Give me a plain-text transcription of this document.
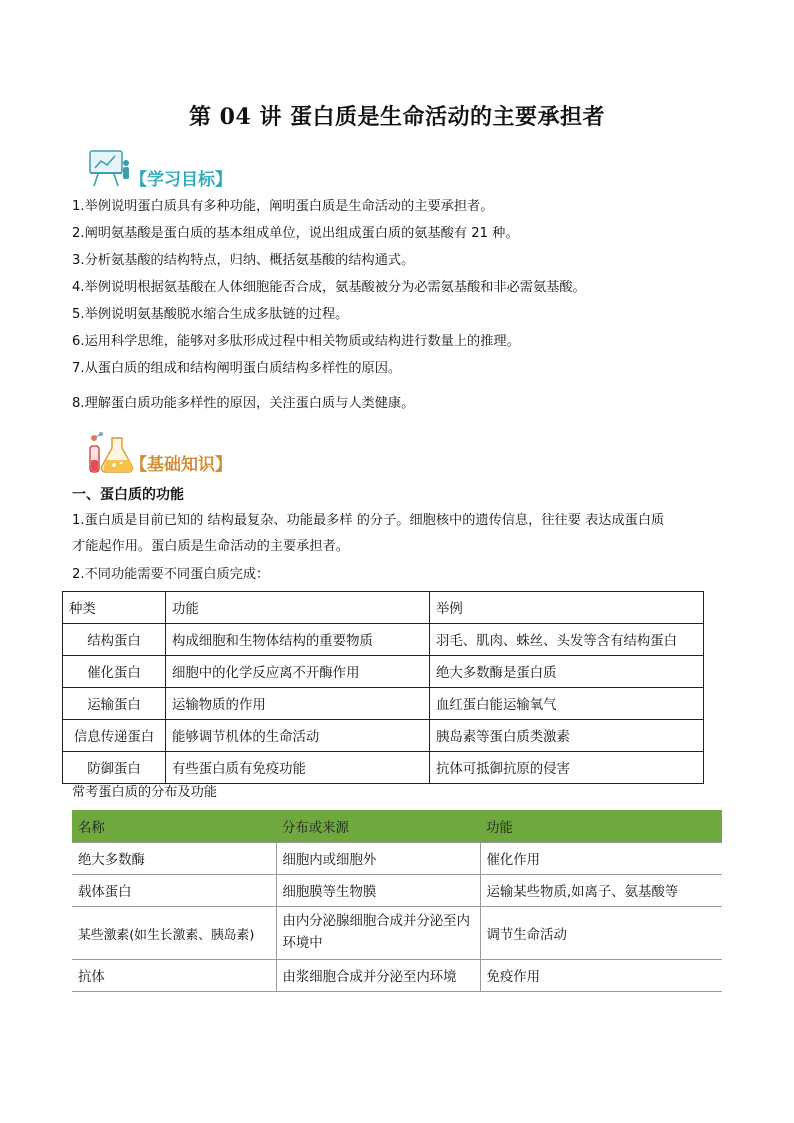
第 04 讲 蛋白质是生命活动的主要承担者
【学习目标】
1.举例说明蛋白质具有多种功能，阐明蛋白质是生命活动的主要承担者。
2.阐明氨基酸是蛋白质的基本组成单位，说出组成蛋白质的氨基酸有 21 种。
3.分析氨基酸的结构特点，归纳、概括氨基酸的结构通式。
4.举例说明根据氨基酸在人体细胞能否合成，氨基酸被分为必需氨基酸和非必需氨基酸。
5.举例说明氨基酸脱水缩合生成多肽链的过程。
6.运用科学思维，能够对多肽形成过程中相关物质或结构进行数量上的推理。
7.从蛋白质的组成和结构阐明蛋白质结构多样性的原因。
8.理解蛋白质功能多样性的原因，关注蛋白质与人类健康。
【基础知识】
一、蛋白质的功能
1.蛋白质是目前已知的 结构最复杂、功能最多样 的分子。细胞核中的遗传信息，往往要 表达成蛋白质
才能起作用。蛋白质是生命活动的主要承担者。
2.不同功能需要不同蛋白质完成：
种类	功能	举例
结构蛋白	构成细胞和生物体结构的重要物质	羽毛、肌肉、蛛丝、头发等含有结构蛋白
催化蛋白	细胞中的化学反应离不开酶作用	绝大多数酶是蛋白质
运输蛋白	运输物质的作用	血红蛋白能运输氧气
信息传递蛋白	能够调节机体的生命活动	胰岛素等蛋白质类激素
防御蛋白	有些蛋白质有免疫功能	抗体可抵御抗原的侵害
常考蛋白质的分布及功能
名称	分布或来源	功能
绝大多数酶	细胞内或细胞外	催化作用
载体蛋白	细胞膜等生物膜	运输某些物质,如离子、氨基酸等
某些激素(如生长激素、胰岛素)	由内分泌腺细胞合成并分泌至内环境中	调节生命活动
抗体	由浆细胞合成并分泌至内环境	免疫作用
